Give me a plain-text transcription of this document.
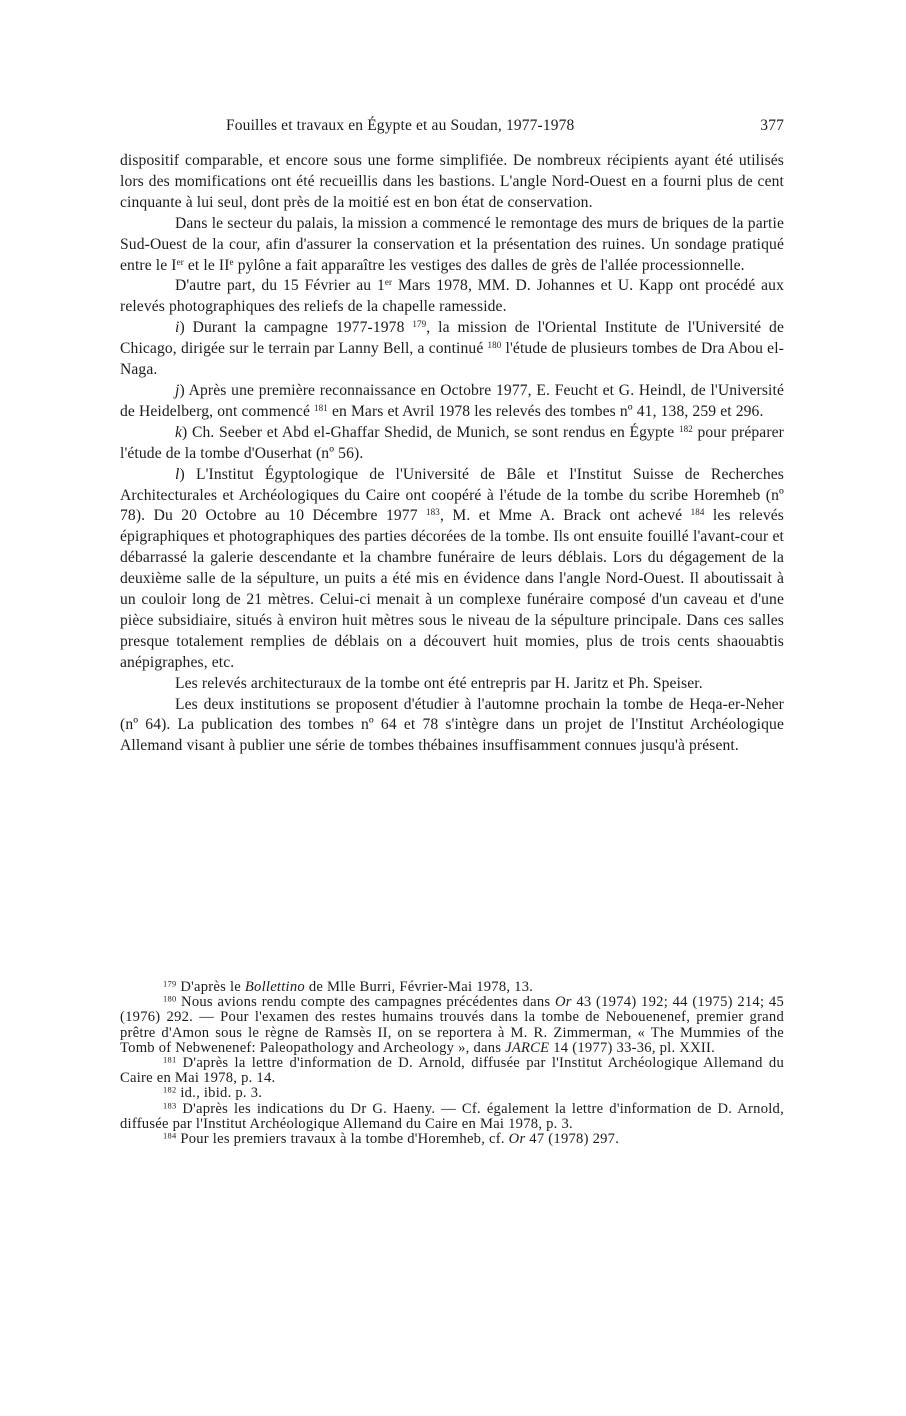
Fouilles et travaux en Égypte et au Soudan, 1977-1978	377

dispositif comparable, et encore sous une forme simplifiée. De nombreux récipients ayant été utilisés lors des momifications ont été recueillis dans les bastions. L'angle Nord-Ouest en a fourni plus de cent cinquante à lui seul, dont près de la moitié est en bon état de conservation.

Dans le secteur du palais, la mission a commencé le remontage des murs de briques de la partie Sud-Ouest de la cour, afin d'assurer la conservation et la présentation des ruines. Un sondage pratiqué entre le Ier et le IIe pylône a fait apparaître les vestiges des dalles de grès de l'allée processionnelle.

D'autre part, du 15 Février au 1er Mars 1978, MM. D. Johannes et U. Kapp ont procédé aux relevés photographiques des reliefs de la chapelle ramesside.

i) Durant la campagne 1977-1978 $^{179}$, la mission de l'Oriental Institute de l'Université de Chicago, dirigée sur le terrain par Lanny Bell, a continué $^{180}$ l'étude de plusieurs tombes de Dra Abou el-Naga.

j) Après une première reconnaissance en Octobre 1977, E. Feucht et G. Heindl, de l'Université de Heidelberg, ont commencé $^{181}$ en Mars et Avril 1978 les relevés des tombes nº 41, 138, 259 et 296.

k) Ch. Seeber et Abd el-Ghaffar Shedid, de Munich, se sont rendus en Égypte $^{182}$ pour préparer l'étude de la tombe d'Ouserhat (nº 56).

l) L'Institut Égyptologique de l'Université de Bâle et l'Institut Suisse de Recherches Architecturales et Archéologiques du Caire ont coopéré à l'étude de la tombe du scribe Horemheb (nº 78). Du 20 Octobre au 10 Décembre 1977 $^{183}$, M. et Mme A. Brack ont achevé $^{184}$ les relevés épigraphiques et photographiques des parties décorées de la tombe. Ils ont ensuite fouillé l'avant-cour et débarrassé la galerie descendante et la chambre funéraire de leurs déblais. Lors du dégagement de la deuxième salle de la sépulture, un puits a été mis en évidence dans l'angle Nord-Ouest. Il aboutissait à un couloir long de 21 mètres. Celui-ci menait à un complexe funéraire composé d'un caveau et d'une pièce subsidiaire, situés à environ huit mètres sous le niveau de la sépulture principale. Dans ces salles presque totalement remplies de déblais on a découvert huit momies, plus de trois cents shaouabtis anépigraphes, etc.

Les relevés architecturaux de la tombe ont été entrepris par H. Jaritz et Ph. Speiser.

Les deux institutions se proposent d'étudier à l'automne prochain la tombe de Heqa-er-Neher (nº 64). La publication des tombes nº 64 et 78 s'intègre dans un projet de l'Institut Archéologique Allemand visant à publier une série de tombes thébaines insuffisamment connues jusqu'à présent.

$^{179}$ D'après le Bollettino de Mlle Burri, Février-Mai 1978, 13.

$^{180}$ Nous avions rendu compte des campagnes précédentes dans Or 43 (1974) 192; 44 (1975) 214; 45 (1976) 292. — Pour l'examen des restes humains trouvés dans la tombe de Nebouenenef, premier grand prêtre d'Amon sous le règne de Ramsès II, on se reportera à M. R. Zimmerman, « The Mummies of the Tomb of Nebwenenef: Paleopathology and Archeology », dans JARCE 14 (1977) 33-36, pl. XXII.

$^{181}$ D'après la lettre d'information de D. Arnold, diffusée par l'Institut Archéologique Allemand du Caire en Mai 1978, p. 14.

$^{182}$ id., ibid. p. 3.

$^{183}$ D'après les indications du Dr G. Haeny. — Cf. également la lettre d'information de D. Arnold, diffusée par l'Institut Archéologique Allemand du Caire en Mai 1978, p. 3.

$^{184}$ Pour les premiers travaux à la tombe d'Horemheb, cf. Or 47 (1978) 297.
